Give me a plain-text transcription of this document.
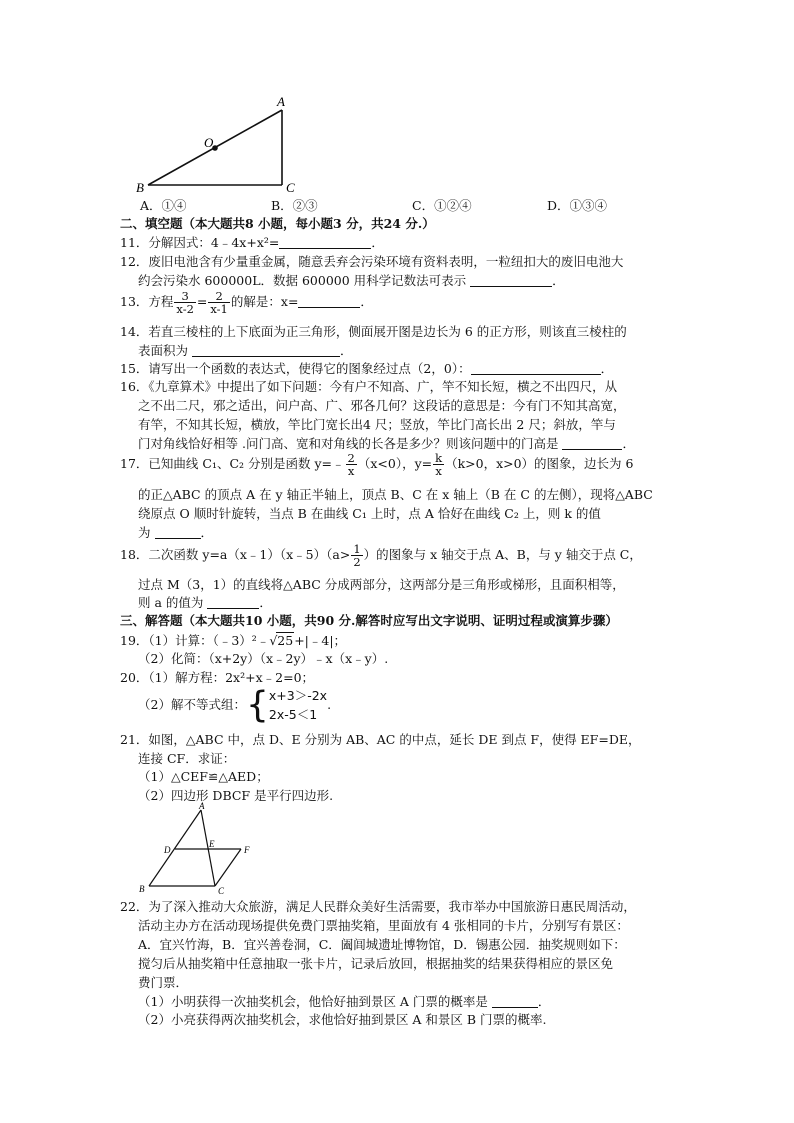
A
O
B	C
A．①④	B．②③	C．①②④	D．①③④
二、填空题（本大题共8 小题，每小题3 分，共24 分.）
11．分解因式：4﹣4x+x²=	．
12．废旧电池含有少量重金属，随意丢弃会污染环境有资料表明，一粒纽扣大的废旧电池大
约会污染水 600000L．数据 600000 用科学记数法可表示	．
13．方程 $\frac{3}{x-2} = \frac{2}{x-1}$ 的解是：x=	．
14．若直三棱柱的上下底面为正三角形，侧面展开图是边长为 6 的正方形，则该直三棱柱的
表面积为	．
15．请写出一个函数的表达式，使得它的图象经过点（2，0）：	．
16．《九章算术》中提出了如下问题：今有户不知高、广，竿不知长短，横之不出四尺，从
之不出二尺，邪之适出，问户高、广、邪各几何？这段话的意思是：今有门不知其高宽，
有竿，不知其长短，横放，竿比门宽长出4 尺；竖放，竿比门高长出 2 尺；斜放，竿与
门对角线恰好相等 .问门高、宽和对角线的长各是多少？则该问题中的门高是	．
17．已知曲线 C₁、C₂ 分别是函数 y=﹣ $\frac{2}{x} (x<0)$，$y= \frac{k}{x} (k>0$，x>0）的图象，边长为 6
的正△ABC 的顶点 A 在 y 轴正半轴上，顶点 B、C 在 x 轴上（B 在 C 的左侧），现将△ABC
绕原点 O 顺时针旋转，当点 B 在曲线 C₁ 上时，点 A 恰好在曲线 C₂ 上，则 k 的值
为	．
18．二次函数 y=a（x﹣1）（x﹣5）（a> $\frac{1}{2}$ ）的图象与 x 轴交于点 A、B，与 y 轴交于点 C，
过点 M（3，1）的直线将△ABC 分成两部分，这两部分是三角形或梯形，且面积相等，
则 a 的值为	．
三、解答题（本大题共10 小题，共90 分.解答时应写出文字说明、证明过程或演算步骤）
19．（1）计算：（﹣3）²﹣√25+|﹣4|；
（2）化简：（x+2y）（x﹣2y）﹣x（x﹣y）.
20．（1）解方程：2x²+x﹣2=0；
（2）解不等式组：{ x+3＞-2x
2x-5＜1
.
21．如图，△ABC 中，点 D、E 分别为 AB、AC 的中点，延长 DE 到点 F，使得 EF=DE，
连接 CF．求证：
（1）△CEF≌△AED；
（2）四边形 DBCF 是平行四边形.
A
D
E
F
B	C
22．为了深入推动大众旅游，满足人民群众美好生活需要，我市举办中国旅游日惠民周活动，
活动主办方在活动现场提供免费门票抽奖箱，里面放有 4 张相同的卡片，分别写有景区：
A．宜兴竹海，B．宜兴善卷洞，C．阖闾城遗址博物馆，D．锡惠公园．抽奖规则如下：
搅匀后从抽奖箱中任意抽取一张卡片，记录后放回，根据抽奖的结果获得相应的景区免
费门票．
（1）小明获得一次抽奖机会，他恰好抽到景区 A 门票的概率是	．
（2）小亮获得两次抽奖机会，求他恰好抽到景区 A 和景区 B 门票的概率.
